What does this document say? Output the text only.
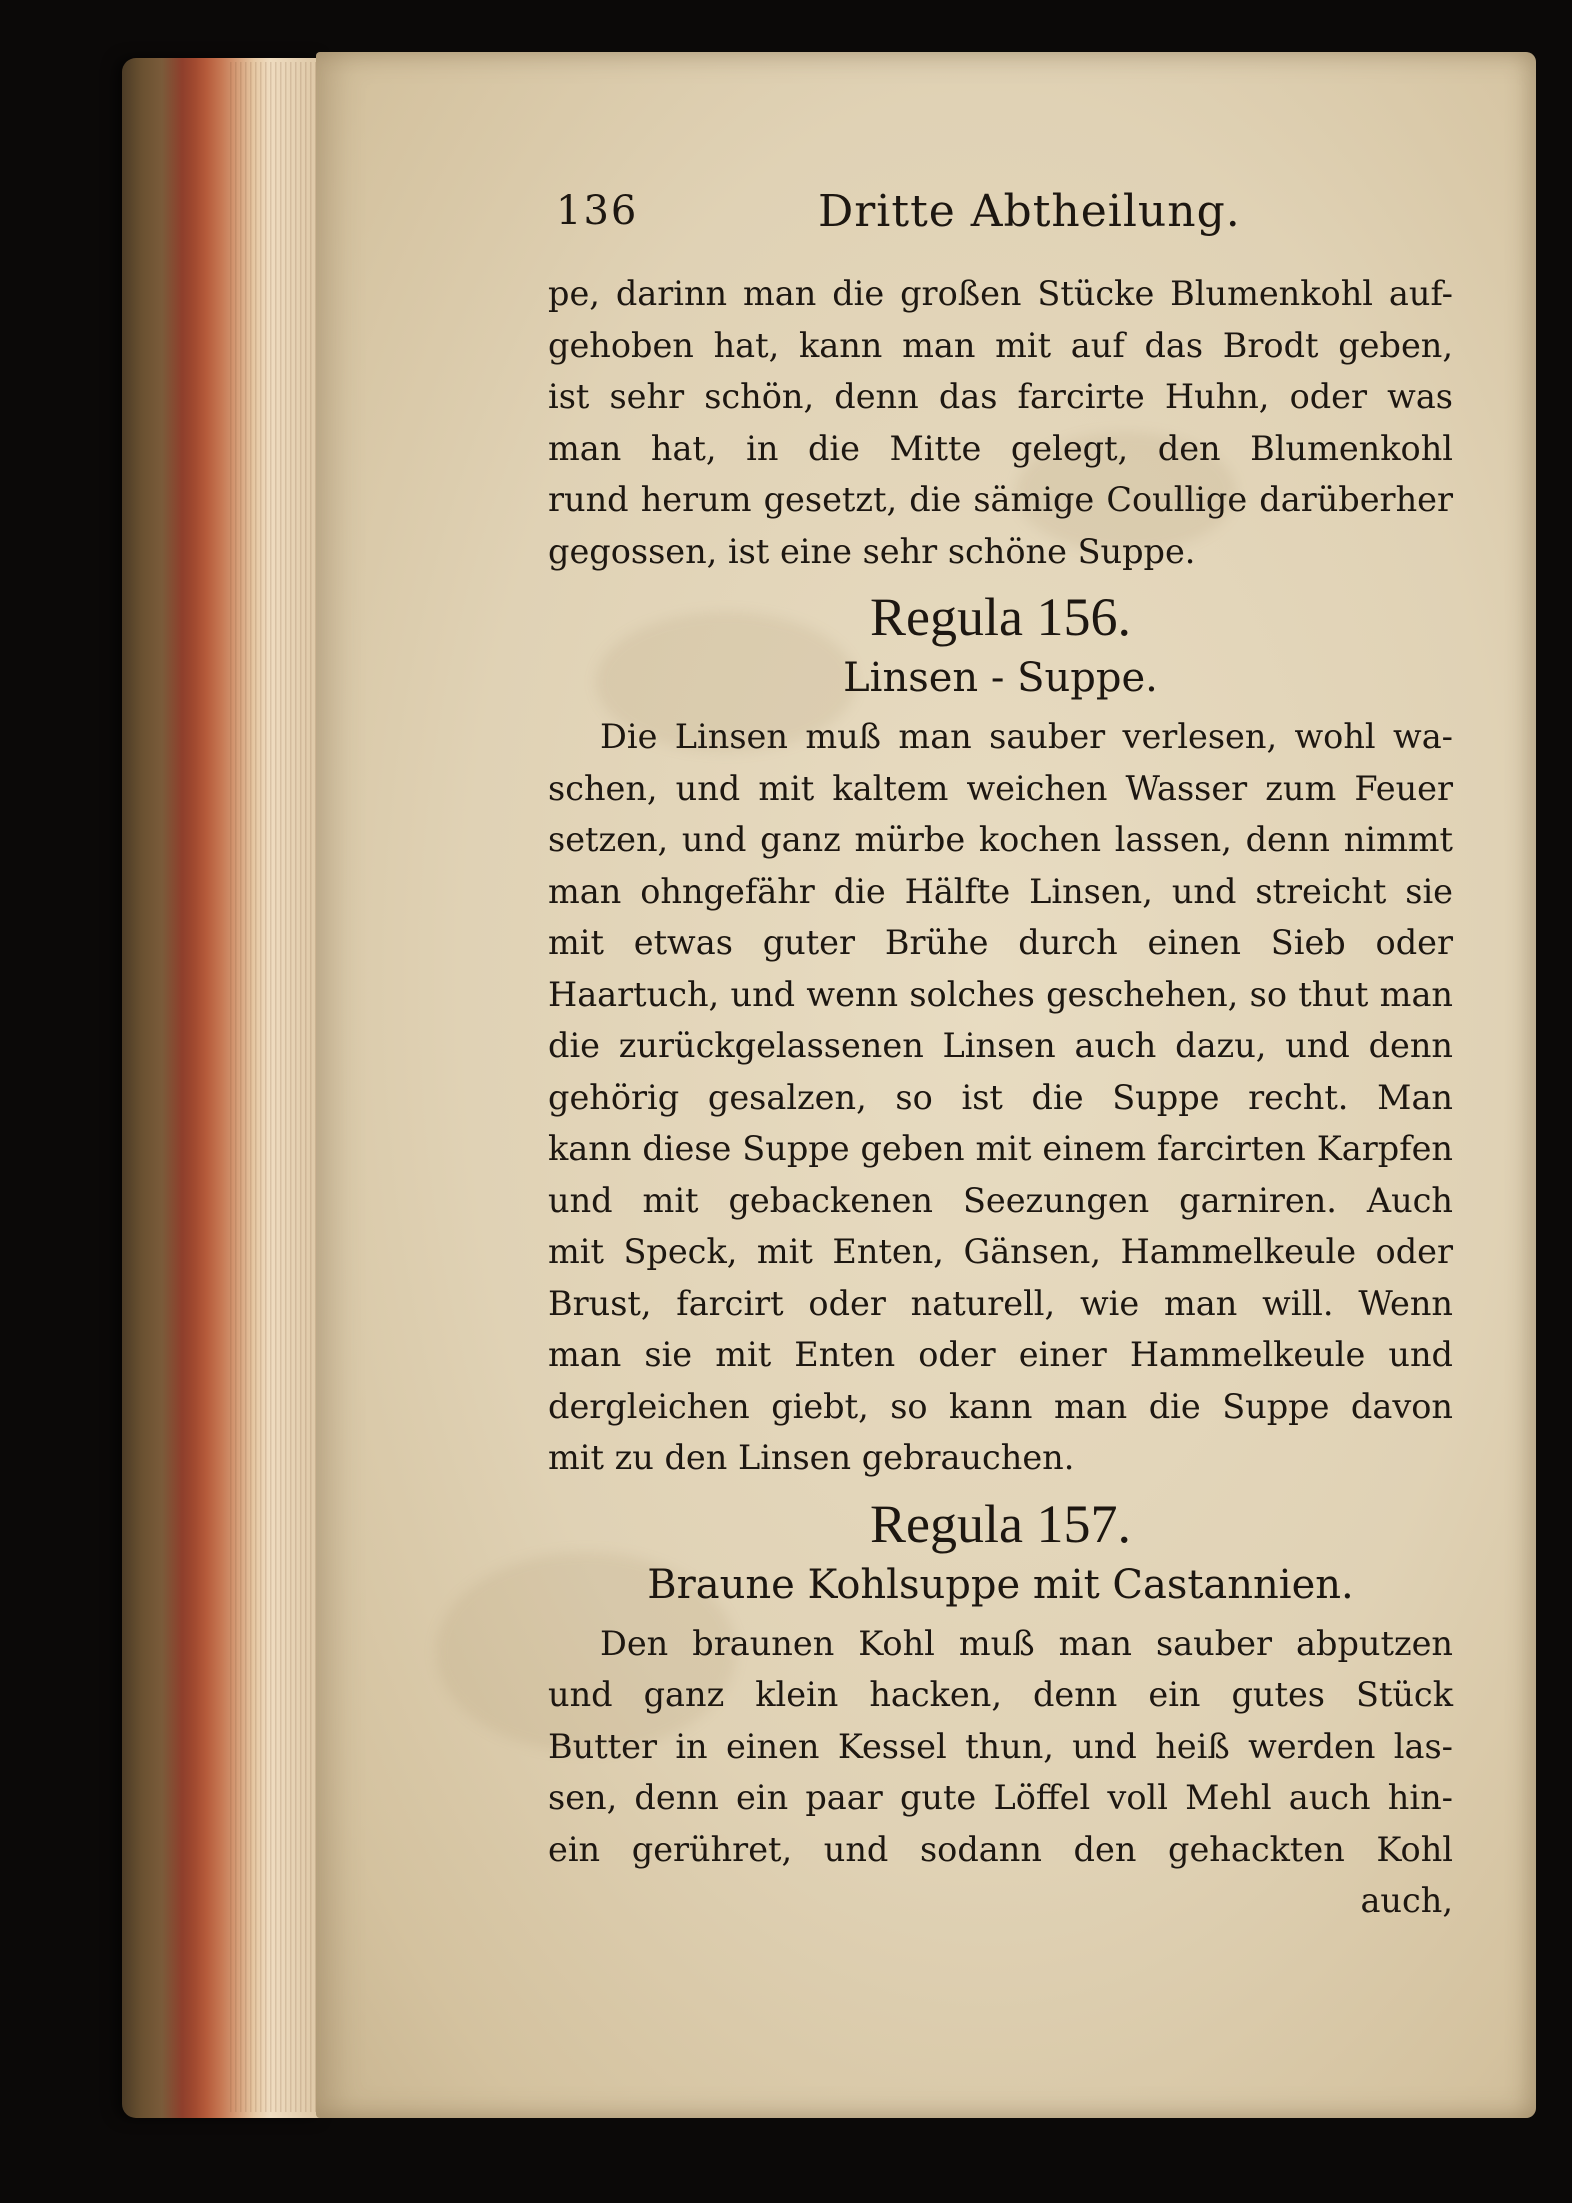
136	Dritte Abtheilung.
pe, darinn man die großen Stücke Blumenkohl auf-
gehoben hat, kann man mit auf das Brodt geben,
ist sehr schön, denn das farcirte Huhn, oder was
man hat, in die Mitte gelegt, den Blumenkohl
rund herum gesetzt, die sämige Coullige darüberher
gegossen, ist eine sehr schöne Suppe.
Regula 156.
Linsen - Suppe.
Die Linsen muß man sauber verlesen, wohl wa-
schen, und mit kaltem weichen Wasser zum Feuer
setzen, und ganz mürbe kochen lassen, denn nimmt
man ohngefähr die Hälfte Linsen, und streicht sie
mit etwas guter Brühe durch einen Sieb oder
Haartuch, und wenn solches geschehen, so thut man
die zurückgelassenen Linsen auch dazu, und denn
gehörig gesalzen, so ist die Suppe recht. Man
kann diese Suppe geben mit einem farcirten Karpfen
und mit gebackenen Seezungen garniren. Auch
mit Speck, mit Enten, Gänsen, Hammelkeule oder
Brust, farcirt oder naturell, wie man will. Wenn
man sie mit Enten oder einer Hammelkeule und
dergleichen giebt, so kann man die Suppe davon
mit zu den Linsen gebrauchen.
Regula 157.
Braune Kohlsuppe mit Castannien.
Den braunen Kohl muß man sauber abputzen
und ganz klein hacken, denn ein gutes Stück
Butter in einen Kessel thun, und heiß werden las-
sen, denn ein paar gute Löffel voll Mehl auch hin-
ein gerühret, und sodann den gehackten Kohl
auch,
